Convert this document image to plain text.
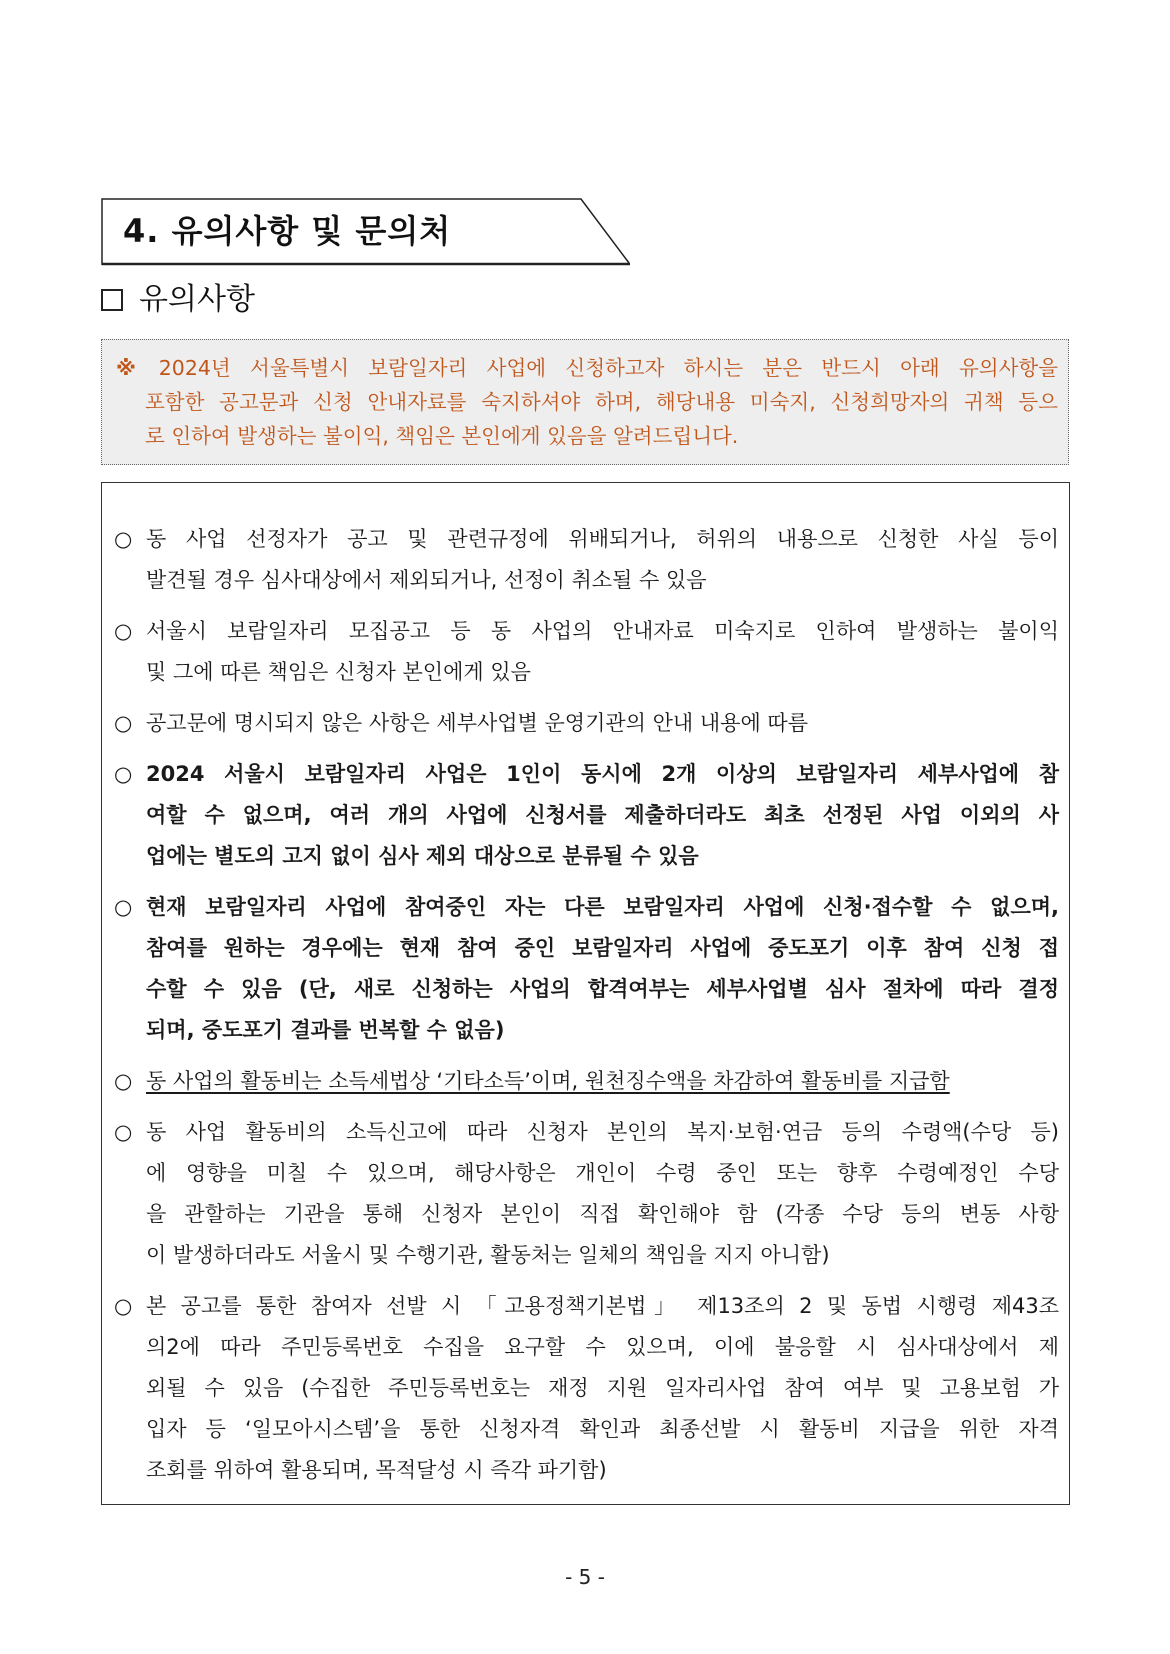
4. 유의사항 및 문의처
유의사항
※ 2024년 서울특별시 보람일자리 사업에 신청하고자 하시는 분은 반드시 아래 유의사항을
포함한 공고문과 신청 안내자료를 숙지하셔야 하며, 해당내용 미숙지, 신청희망자의 귀책 등으
로 인하여 발생하는 불이익, 책임은 본인에게 있음을 알려드립니다.
○ 동 사업 선정자가 공고 및 관련규정에 위배되거나, 허위의 내용으로 신청한 사실 등이
발견될 경우 심사대상에서 제외되거나, 선정이 취소될 수 있음
○ 서울시 보람일자리 모집공고 등 동 사업의 안내자료 미숙지로 인하여 발생하는 불이익
및 그에 따른 책임은 신청자 본인에게 있음
○ 공고문에 명시되지 않은 사항은 세부사업별 운영기관의 안내 내용에 따름
○ 2024 서울시 보람일자리 사업은 1인이 동시에 2개 이상의 보람일자리 세부사업에 참
여할 수 없으며, 여러 개의 사업에 신청서를 제출하더라도 최초 선정된 사업 이외의 사
업에는 별도의 고지 없이 심사 제외 대상으로 분류될 수 있음
○ 현재 보람일자리 사업에 참여중인 자는 다른 보람일자리 사업에 신청·접수할 수 없으며,
참여를 원하는 경우에는 현재 참여 중인 보람일자리 사업에 중도포기 이후 참여 신청 접
수할 수 있음 (단, 새로 신청하는 사업의 합격여부는 세부사업별 심사 절차에 따라 결정
되며, 중도포기 결과를 번복할 수 없음)
○ 동 사업의 활동비는 소득세법상 ‘기타소득’이며, 원천징수액을 차감하여 활동비를 지급함
○ 동 사업 활동비의 소득신고에 따라 신청자 본인의 복지·보험·연금 등의 수령액(수당 등)
에 영향을 미칠 수 있으며, 해당사항은 개인이 수령 중인 또는 향후 수령예정인 수당
을 관할하는 기관을 통해 신청자 본인이 직접 확인해야 함 (각종 수당 등의 변동 사항
이 발생하더라도 서울시 및 수행기관, 활동처는 일체의 책임을 지지 아니함)
○ 본 공고를 통한 참여자 선발 시 「고용정책기본법」 제13조의 2 및 동법 시행령 제43조
의2에 따라 주민등록번호 수집을 요구할 수 있으며, 이에 불응할 시 심사대상에서 제
외될 수 있음 (수집한 주민등록번호는 재정 지원 일자리사업 참여 여부 및 고용보험 가
입자 등 ‘일모아시스템’을 통한 신청자격 확인과 최종선발 시 활동비 지급을 위한 자격
조회를 위하여 활용되며, 목적달성 시 즉각 파기함)
- 5 -
